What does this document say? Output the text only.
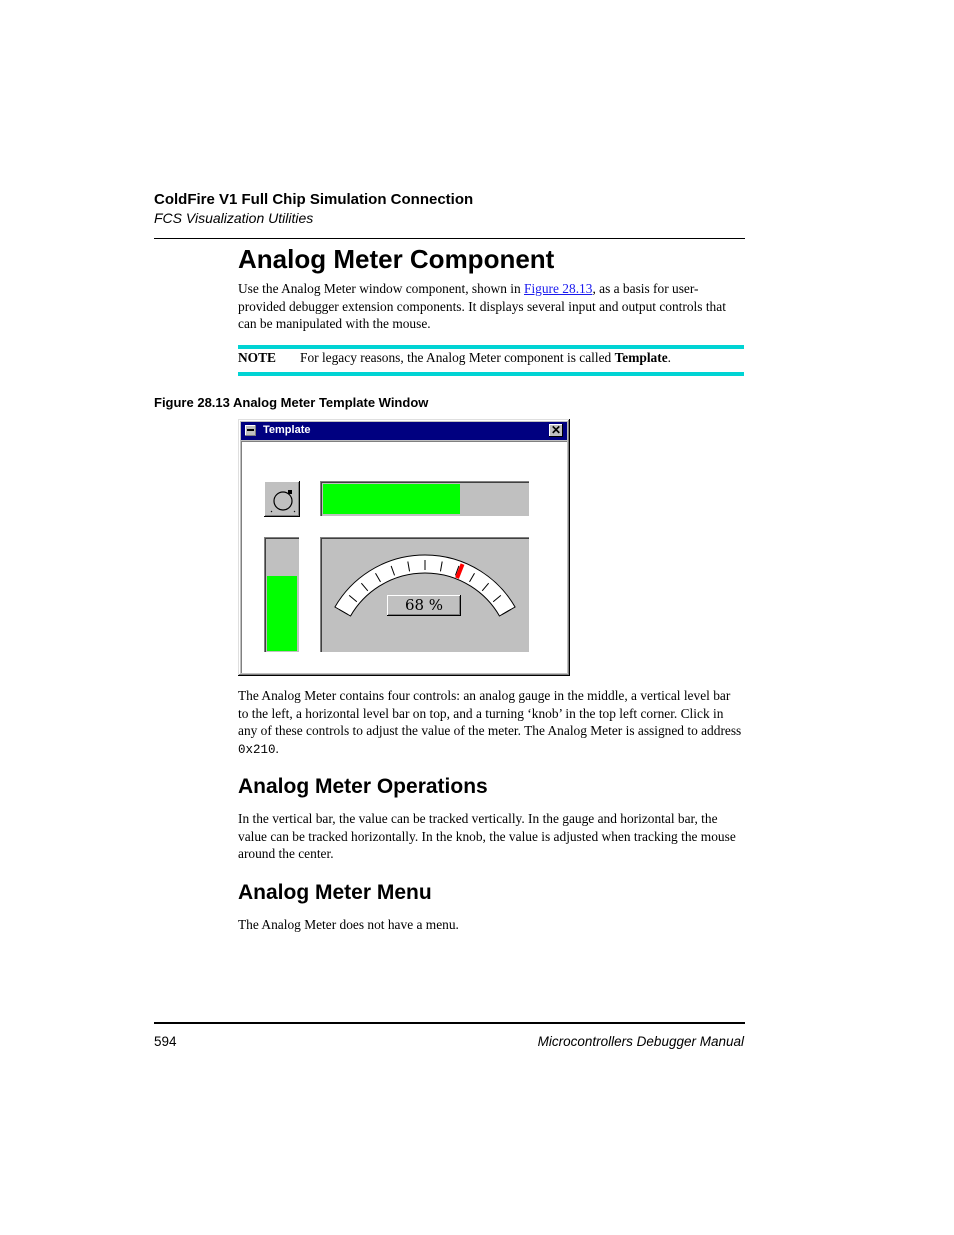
ColdFire V1 Full Chip Simulation Connection
FCS Visualization Utilities
Analog Meter Component

Use the Analog Meter window component, shown in Figure 28.13, as a basis for user-provided debugger extension components. It displays several input and output controls that can be manipulated with the mouse.

NOTE For legacy reasons, the Analog Meter component is called Template.
Figure 28.13 Analog Meter Template Window
Template	✕
68 %

The Analog Meter contains four controls: an analog gauge in the middle, a vertical level bar to the left, a horizontal level bar on top, and a turning ‘knob’ in the top left corner. Click in any of these controls to adjust the value of the meter. The Analog Meter is assigned to address 0x210.

Analog Meter Operations

In the vertical bar, the value can be tracked vertically. In the gauge and horizontal bar, the value can be tracked horizontally. In the knob, the value is adjusted when tracking the mouse around the center.

Analog Meter Menu

The Analog Meter does not have a menu.

594	Microcontrollers Debugger Manual
